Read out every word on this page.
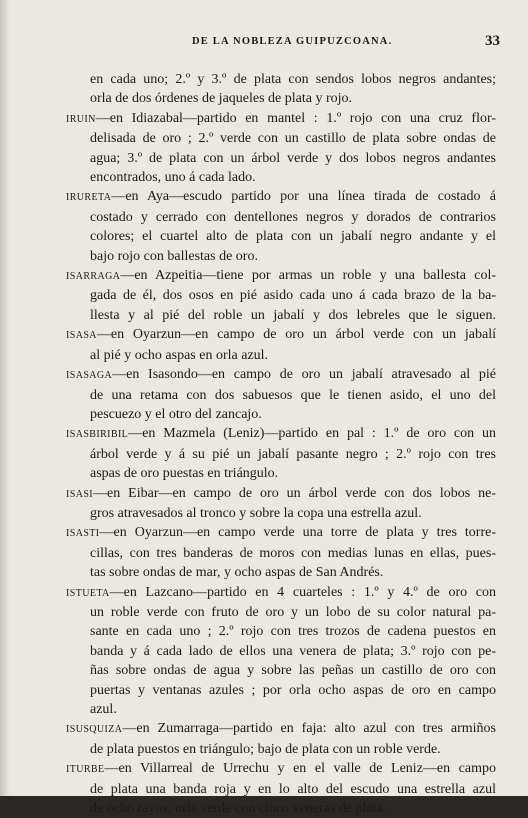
DE LA NOBLEZA GUIPUZCOANA.	33
en cada uno; 2.º y 3.º de plata con sendos lobos negros andantes;
orla de dos órdenes de jaqueles de plata y rojo.
IRUIN—en Idiazabal—partido en mantel : 1.º rojo con una cruz flor-
delisada de oro ; 2.º verde con un castillo de plata sobre ondas de
agua; 3.º de plata con un árbol verde y dos lobos negros andantes
encontrados, uno á cada lado.
IRURETA—en Aya—escudo partido por una línea tirada de costado á
costado y cerrado con dentellones negros y dorados de contrarios
colores; el cuartel alto de plata con un jabalí negro andante y el
bajo rojo con ballestas de oro.
ISARRAGA—en Azpeitia—tiene por armas un roble y una ballesta col-
gada de él, dos osos en pié asido cada uno á cada brazo de la ba-
llesta y al pié del roble un jabalí y dos lebreles que le siguen.
ISASA—en Oyarzun—en campo de oro un árbol verde con un jabalí
al pié y ocho aspas en orla azul.
ISASAGA—en Isasondo—en campo de oro un jabalí atravesado al pié
de una retama con dos sabuesos que le tienen asido, el uno del
pescuezo y el otro del zancajo.
ISASBIRIBIL—en Mazmela (Leniz)—partido en pal : 1.º de oro con un
árbol verde y á su pié un jabalí pasante negro ; 2.º rojo con tres
aspas de oro puestas en triángulo.
ISASI—en Eibar—en campo de oro un árbol verde con dos lobos ne-
gros atravesados al tronco y sobre la copa una estrella azul.
ISASTI—en Oyarzun—en campo verde una torre de plata y tres torre-
cillas, con tres banderas de moros con medias lunas en ellas, pues-
tas sobre ondas de mar, y ocho aspas de San Andrés.
ISTUETA—en Lazcano—partido en 4 cuarteles : 1.º y 4.º de oro con
un roble verde con fruto de oro y un lobo de su color natural pa-
sante en cada uno ; 2.º rojo con tres trozos de cadena puestos en
banda y á cada lado de ellos una venera de plata; 3.º rojo con pe-
ñas sobre ondas de agua y sobre las peñas un castillo de oro con
puertas y ventanas azules ; por orla ocho aspas de oro en campo
azul.
ISUSQUIZA—en Zumarraga—partido en faja: alto azul con tres armiños
de plata puestos en triángulo; bajo de plata con un roble verde.
ITURBE—en Villarreal de Urrechu y en el valle de Leniz—en campo
de plata una banda roja y en lo alto del escudo una estrella azul
de ocho rayos; orla verde con cinco veneras de plata.
